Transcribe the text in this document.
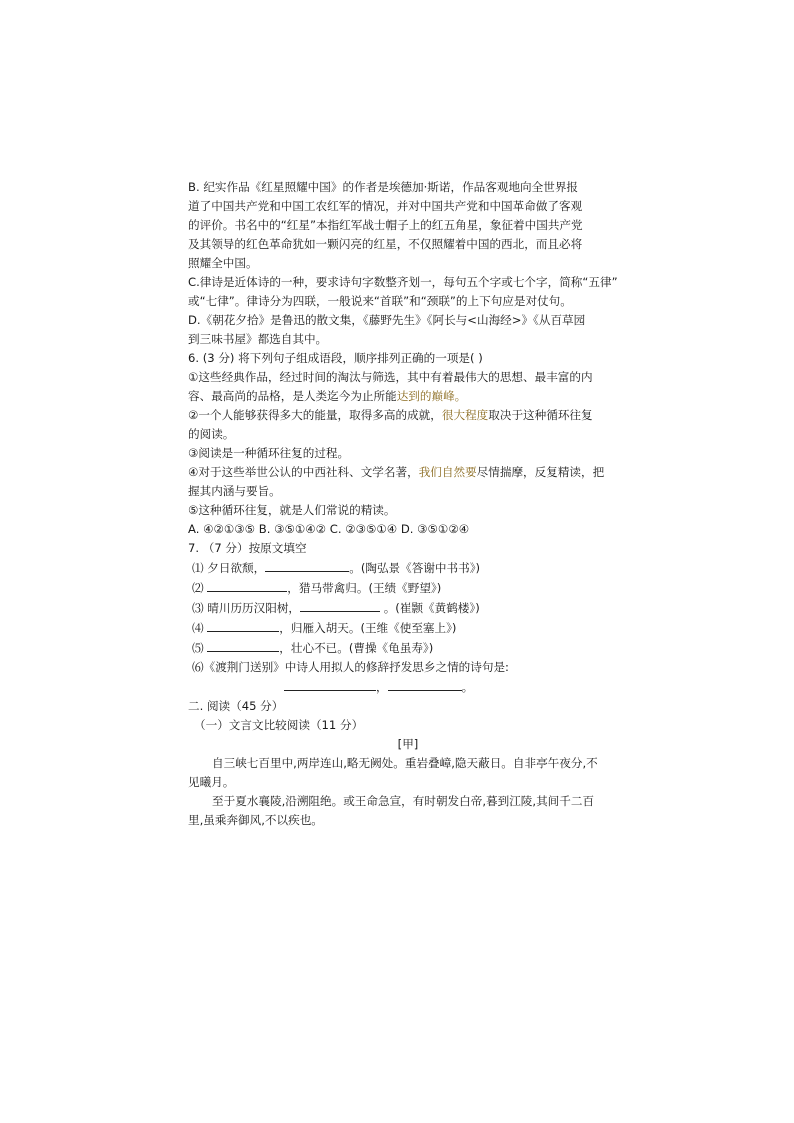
B. 纪实作品《红星照耀中国》的作者是埃德加·斯诺，作品客观地向全世界报
道了中国共产党和中国工农红军的情况，并对中国共产党和中国革命做了客观
的评价。书名中的“红星”本指红军战士帽子上的红五角星，象征着中国共产党
及其领导的红色革命犹如一颗闪亮的红星，不仅照耀着中国的西北，而且必将
照耀全中国。
C.律诗是近体诗的一种，要求诗句字数整齐划一，每句五个字或七个字，简称“五律”
或“七律”。律诗分为四联，一般说来“首联”和“颈联”的上下句应是对仗句。
D.《朝花夕拾》是鲁迅的散文集，《藤野先生》《阿长与<山海经>》《从百草园
到三味书屋》都选自其中。
6. (3 分) 将下列句子组成语段，顺序排列正确的一项是( )
①这些经典作品，经过时间的淘汰与筛选，其中有着最伟大的思想、最丰富的内
容、最高尚的品格，是人类迄今为止所能达到的巅峰。
②一个人能够获得多大的能量，取得多高的成就，很大程度取决于这种循环往复
的阅读。
③阅读是一种循环往复的过程。
④对于这些举世公认的中西社科、文学名著，我们自然要尽情揣摩，反复精读，把
握其内涵与要旨。
⑤这种循环往复，就是人们常说的精读。
A. ④②①③⑤ B. ③⑤①④② C. ②③⑤①④ D. ③⑤①②④
7. （7 分）按原文填空
⑴ 夕日欲颓，	。(陶弘景《答谢中书书》)
⑵	，猎马带禽归。(王绩《野望》)
⑶ 晴川历历汉阳树，	。(崔颢《黄鹤楼》)
⑷	，归雁入胡天。(王维《使至塞上》)
⑸	，壮心不已。(曹操《龟虽寿》)
⑹《渡荆门送别》中诗人用拟人的修辞抒发思乡之情的诗句是:
，	。
二. 阅读（45 分）
（一）文言文比较阅读（11 分）
[甲]
自三峡七百里中,两岸连山,略无阙处。重岩叠嶂,隐天蔽日。自非亭午夜分,不见曦月。
至于夏水襄陵,沿溯阻绝。或王命急宣，有时朝发白帝,暮到江陵,其间千二百里,虽乘奔御风,不以疾也。
